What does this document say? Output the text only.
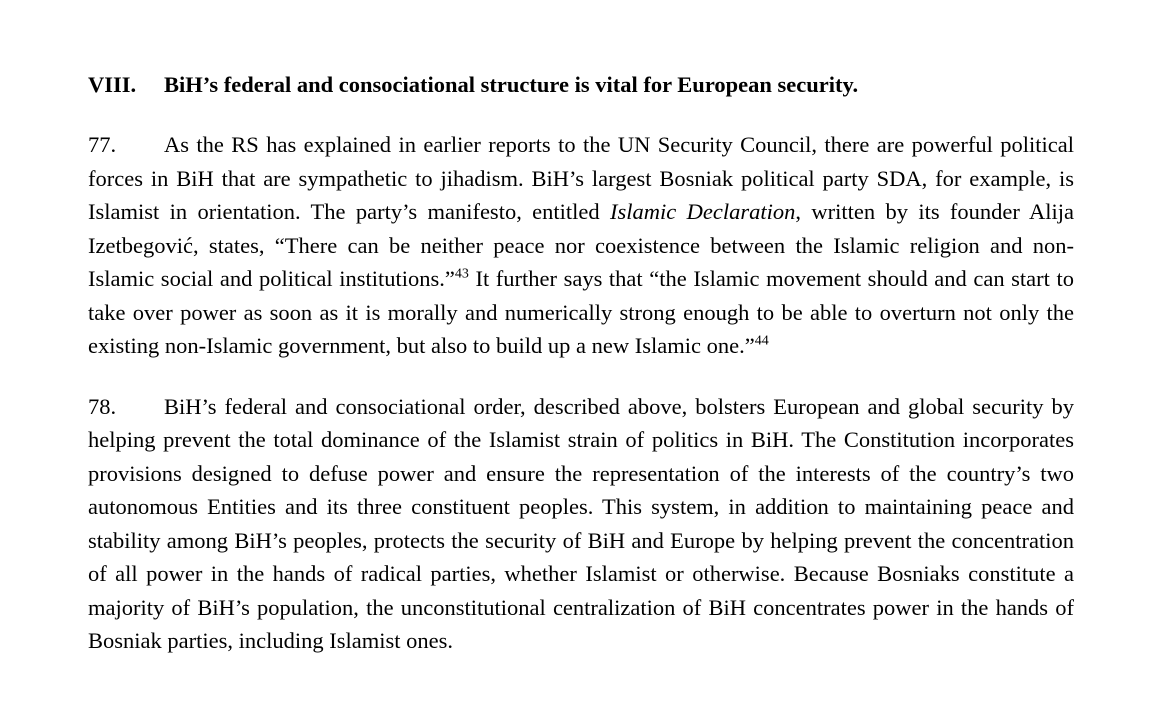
VIII. BiH’s federal and consociational structure is vital for European security.

77. As the RS has explained in earlier reports to the UN Security Council, there are powerful political forces in BiH that are sympathetic to jihadism. BiH’s largest Bosniak political party SDA, for example, is Islamist in orientation. The party’s manifesto, entitled Islamic Declaration, written by its founder Alija Izetbegović, states, “There can be neither peace nor coexistence between the Islamic religion and non-Islamic social and political institutions.”$^{43}$ It further says that “the Islamic movement should and can start to take over power as soon as it is morally and numerically strong enough to be able to overturn not only the existing non-Islamic government, but also to build up a new Islamic one.”$^{44}$

78. BiH’s federal and consociational order, described above, bolsters European and global security by helping prevent the total dominance of the Islamist strain of politics in BiH. The Constitution incorporates provisions designed to defuse power and ensure the representation of the interests of the country’s two autonomous Entities and its three constituent peoples. This system, in addition to maintaining peace and stability among BiH’s peoples, protects the security of BiH and Europe by helping prevent the concentration of all power in the hands of radical parties, whether Islamist or otherwise. Because Bosniaks constitute a majority of BiH’s population, the unconstitutional centralization of BiH concentrates power in the hands of Bosniak parties, including Islamist ones.
